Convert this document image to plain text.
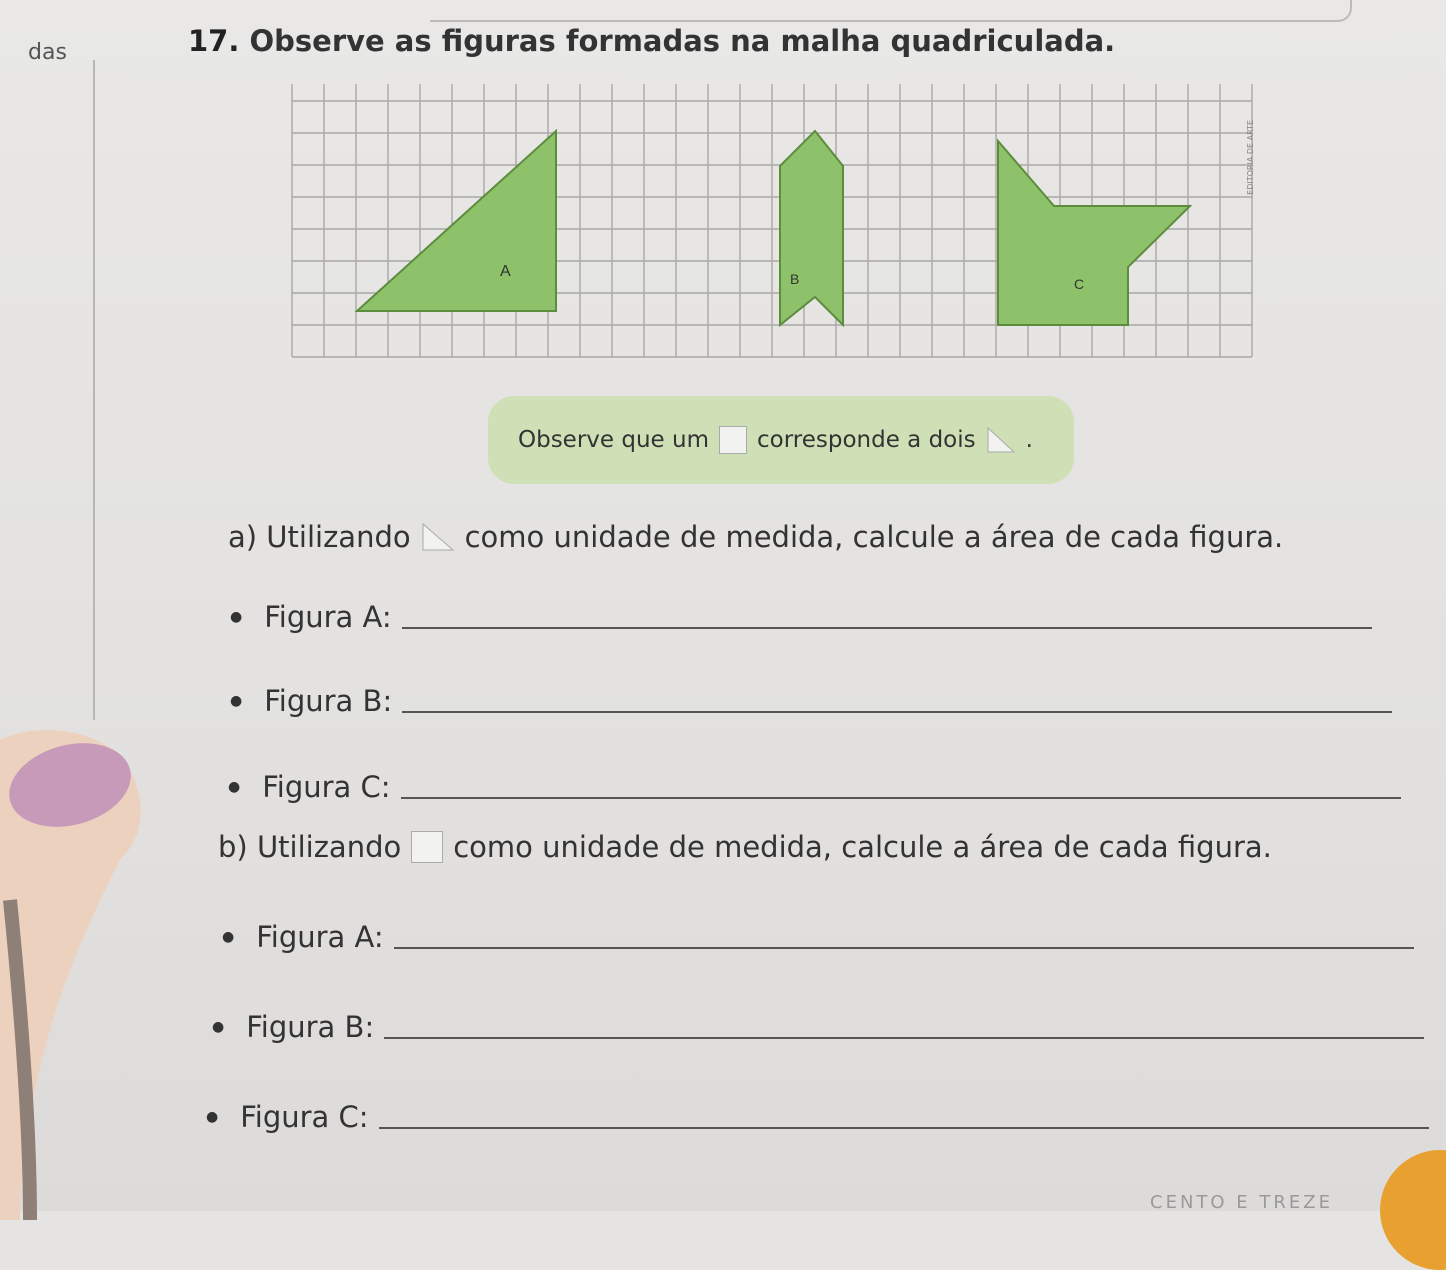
das	17. Observe as figuras formadas na malha quadriculada.
A	B	C
EDITORIA DE ARTE
Observe que um corresponde a dois .
a) Utilizando como unidade de medida, calcule a área de cada figura.
● Figura A:
● Figura B:
● Figura C:
b) Utilizando como unidade de medida, calcule a área de cada figura.
● Figura A:
● Figura B:
● Figura C:
CENTO E TREZE
